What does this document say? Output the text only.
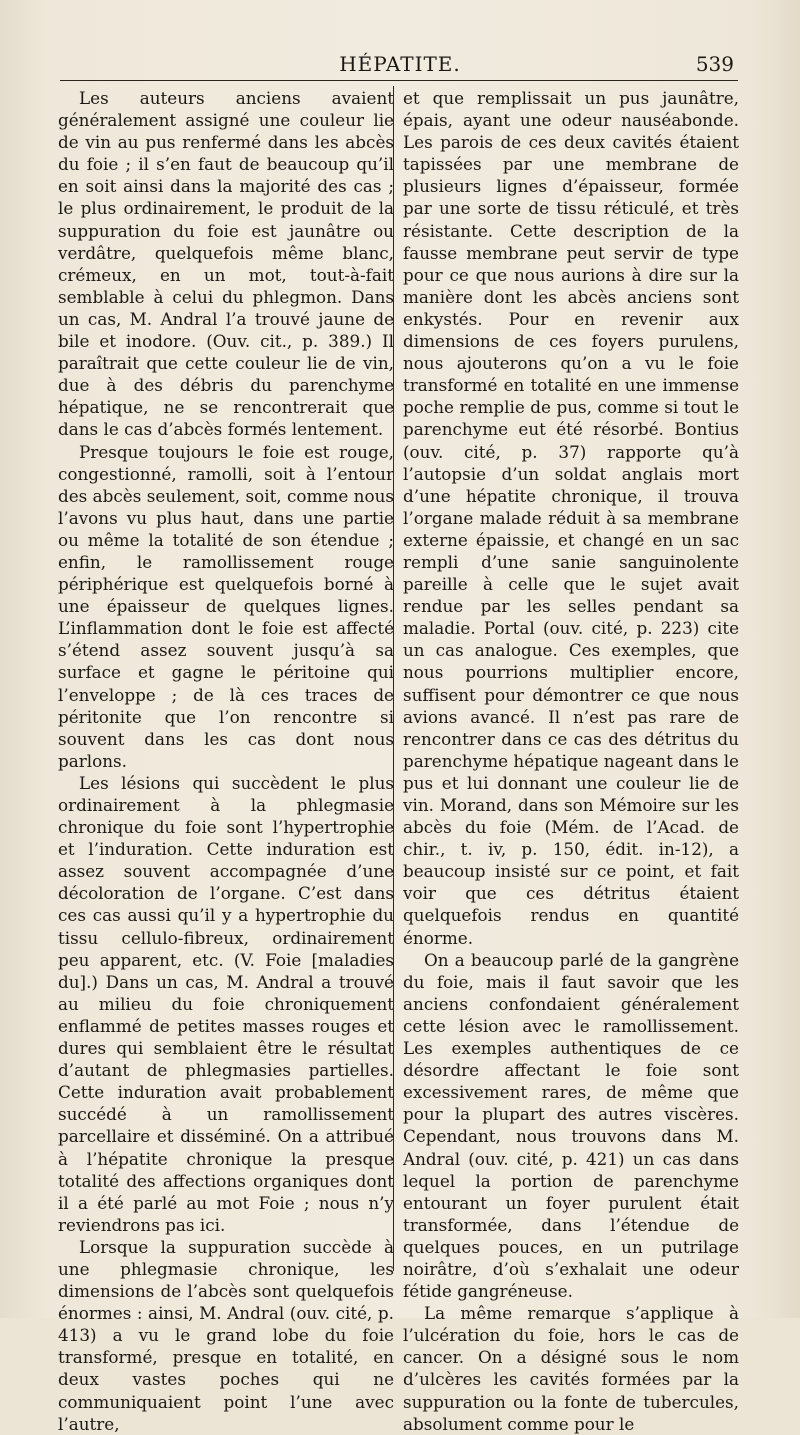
HÉPATITE.	539

Les auteurs anciens avaient généralement assigné une couleur lie de vin au pus renfermé dans les abcès du foie ; il s’en faut de beaucoup qu’il en soit ainsi dans la majorité des cas ; le plus ordinairement, le produit de la suppuration du foie est jaunâtre ou verdâtre, quelquefois même blanc, crémeux, en un mot, tout-à-fait semblable à celui du phlegmon. Dans un cas, M. Andral l’a trouvé jaune de bile et inodore. (Ouv. cit., p. 389.) Il paraîtrait que cette couleur lie de vin, due à des débris du parenchyme hépatique, ne se rencontrerait que dans le cas d’abcès formés lentement.

Presque toujours le foie est rouge, congestionné, ramolli, soit à l’entour des abcès seulement, soit, comme nous l’avons vu plus haut, dans une partie ou même la totalité de son étendue ; enfin, le ramollissement rouge périphérique est quelquefois borné à une épaisseur de quelques lignes. L’inflammation dont le foie est affecté s’étend assez souvent jusqu’à sa surface et gagne le péritoine qui l’enveloppe ; de là ces traces de péritonite que l’on rencontre si souvent dans les cas dont nous parlons.

Les lésions qui succèdent le plus ordinairement à la phlegmasie chronique du foie sont l’hypertrophie et l’induration. Cette induration est assez souvent accompagnée d’une décoloration de l’organe. C’est dans ces cas aussi qu’il y a hypertrophie du tissu cellulo-fibreux, ordinairement peu apparent, etc. (V. Foie [maladies du].) Dans un cas, M. Andral a trouvé au milieu du foie chroniquement enflammé de petites masses rouges et dures qui semblaient être le résultat d’autant de phlegmasies partielles. Cette induration avait probablement succédé à un ramollissement parcellaire et disséminé. On a attribué à l’hépatite chronique la presque totalité des affections organiques dont il a été parlé au mot Foie ; nous n’y reviendrons pas ici.

Lorsque la suppuration succède à une phlegmasie chronique, les dimensions de l’abcès sont quelquefois énormes : ainsi, M. Andral (ouv. cité, p. 413) a vu le grand lobe du foie transformé, presque en totalité, en deux vastes poches qui ne communiquaient point l’une avec l’autre,

et que remplissait un pus jaunâtre, épais, ayant une odeur nauséabonde. Les parois de ces deux cavités étaient tapissées par une membrane de plusieurs lignes d’épaisseur, formée par une sorte de tissu réticulé, et très résistante. Cette description de la fausse membrane peut servir de type pour ce que nous aurions à dire sur la manière dont les abcès anciens sont enkystés. Pour en revenir aux dimensions de ces foyers purulens, nous ajouterons qu’on a vu le foie transformé en totalité en une immense poche remplie de pus, comme si tout le parenchyme eut été résorbé. Bontius (ouv. cité, p. 37) rapporte qu’à l’autopsie d’un soldat anglais mort d’une hépatite chronique, il trouva l’organe malade réduit à sa membrane externe épaissie, et changé en un sac rempli d’une sanie sanguinolente pareille à celle que le sujet avait rendue par les selles pendant sa maladie. Portal (ouv. cité, p. 223) cite un cas analogue. Ces exemples, que nous pourrions multiplier encore, suffisent pour démontrer ce que nous avions avancé. Il n’est pas rare de rencontrer dans ce cas des détritus du parenchyme hépatique nageant dans le pus et lui donnant une couleur lie de vin. Morand, dans son Mémoire sur les abcès du foie (Mém. de l’Acad. de chir., t. iv, p. 150, édit. in-12), a beaucoup insisté sur ce point, et fait voir que ces détritus étaient quelquefois rendus en quantité énorme.

On a beaucoup parlé de la gangrène du foie, mais il faut savoir que les anciens confondaient généralement cette lésion avec le ramollissement. Les exemples authentiques de ce désordre affectant le foie sont excessivement rares, de même que pour la plupart des autres viscères. Cependant, nous trouvons dans M. Andral (ouv. cité, p. 421) un cas dans lequel la portion de parenchyme entourant un foyer purulent était transformée, dans l’étendue de quelques pouces, en un putrilage noirâtre, d’où s’exhalait une odeur fétide gangréneuse.

La même remarque s’applique à l’ulcération du foie, hors le cas de cancer. On a désigné sous le nom d’ulcères les cavités formées par la suppuration ou la fonte de tubercules, absolument comme pour le
